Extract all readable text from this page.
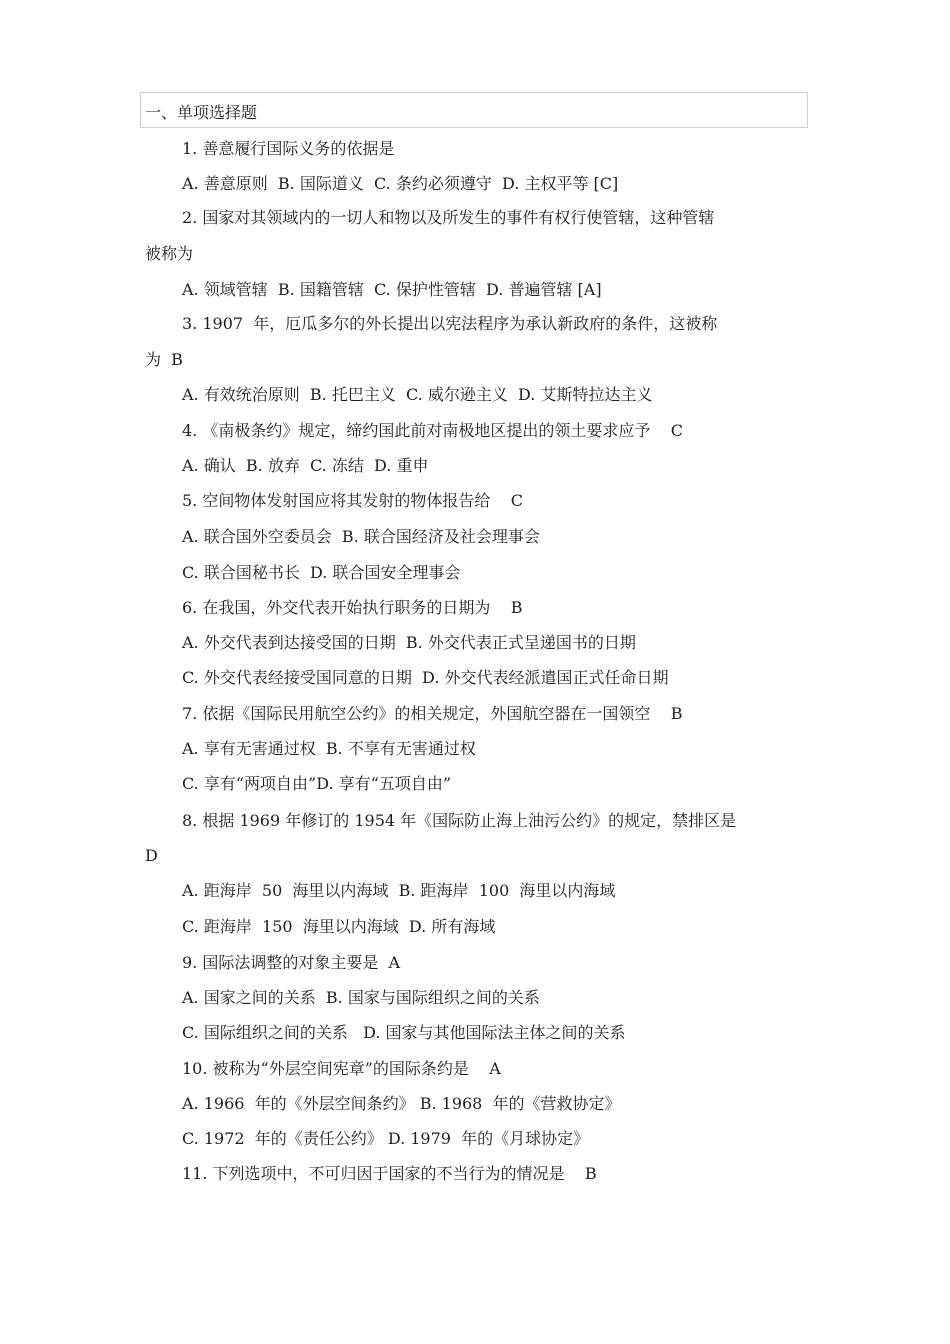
一、单项选择题
1. 善意履行国际义务的依据是
A. 善意原则  B. 国际道义  C. 条约必须遵守  D. 主权平等 [C]
2. 国家对其领域内的一切人和物以及所发生的事件有权行使管辖，这种管辖
被称为
A. 领域管辖  B. 国籍管辖  C. 保护性管辖  D. 普遍管辖 [A]
3. 1907  年，厄瓜多尔的外长提出以宪法程序为承认新政府的条件，这被称
为  B
A. 有效统治原则  B. 托巴主义  C. 威尔逊主义  D. 艾斯特拉达主义
4. 《南极条约》规定，缔约国此前对南极地区提出的领土要求应予    C
A. 确认  B. 放弃  C. 冻结  D. 重申
5. 空间物体发射国应将其发射的物体报告给    C
A. 联合国外空委员会  B. 联合国经济及社会理事会
C. 联合国秘书长  D. 联合国安全理事会
6. 在我国，外交代表开始执行职务的日期为    B
A. 外交代表到达接受国的日期  B. 外交代表正式呈递国书的日期
C. 外交代表经接受国同意的日期  D. 外交代表经派遣国正式任命日期
7. 依据《国际民用航空公约》的相关规定，外国航空器在一国领空    B
A. 享有无害通过权  B. 不享有无害通过权
C. 享有“两项自由”D. 享有“五项自由”
8. 根据 1969 年修订的 1954 年《国际防止海上油污公约》的规定，禁排区是
D
A. 距海岸  50  海里以内海域  B. 距海岸  100  海里以内海域
C. 距海岸  150  海里以内海域  D. 所有海域
9. 国际法调整的对象主要是  A
A. 国家之间的关系  B. 国家与国际组织之间的关系
C. 国际组织之间的关系   D. 国家与其他国际法主体之间的关系
10. 被称为“外层空间宪章”的国际条约是    A
A. 1966  年的《外层空间条约》 B. 1968  年的《营救协定》
C. 1972  年的《责任公约》 D. 1979  年的《月球协定》
11. 下列选项中，不可归因于国家的不当行为的情况是    B
